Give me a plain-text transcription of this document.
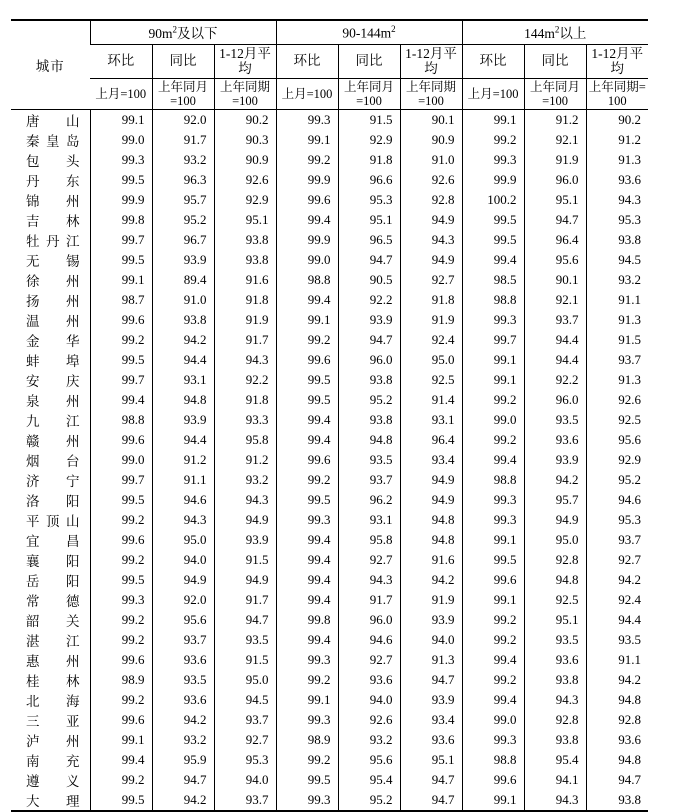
城市	$90m^2$及以下			$90-144m^2$			$144m^2$以上		
	环比	同比	1-12月平均	环比	同比	1-12月平均	环比	同比	1-12月平均
	上月=100	上年同月=100	上年同期=100	上月=100	上年同月=100	上年同期=100	上月=100	上年同月=100	上年同期=100

唐 山	99.1	92.0	90.2	99.3	91.5	90.1	99.1	91.2	90.2

秦 皇 岛	99.0	91.7	90.3	99.1	92.9	90.9	99.2	92.1	91.2

包 头	99.3	93.2	90.9	99.2	91.8	91.0	99.3	91.9	91.3

丹 东	99.5	96.3	92.6	99.9	96.6	92.6	99.9	96.0	93.6

锦 州	99.9	95.7	92.9	99.6	95.3	92.8	100.2	95.1	94.3

吉 林	99.8	95.2	95.1	99.4	95.1	94.9	99.5	94.7	95.3

牡 丹 江	99.7	96.7	93.8	99.9	96.5	94.3	99.5	96.4	93.8

无 锡	99.5	93.9	93.8	99.0	94.7	94.9	99.4	95.6	94.5

徐 州	99.1	89.4	91.6	98.8	90.5	92.7	98.5	90.1	93.2

扬 州	98.7	91.0	91.8	99.4	92.2	91.8	98.8	92.1	91.1

温 州	99.6	93.8	91.9	99.1	93.9	91.9	99.3	93.7	91.3

金 华	99.2	94.2	91.7	99.2	94.7	92.4	99.7	94.4	91.5

蚌 埠	99.5	94.4	94.3	99.6	96.0	95.0	99.1	94.4	93.7

安 庆	99.7	93.1	92.2	99.5	93.8	92.5	99.1	92.2	91.3

泉 州	99.4	94.8	91.8	99.5	95.2	91.4	99.2	96.0	92.6

九 江	98.8	93.9	93.3	99.4	93.8	93.1	99.0	93.5	92.5

赣 州	99.6	94.4	95.8	99.4	94.8	96.4	99.2	93.6	95.6

烟 台	99.0	91.2	91.2	99.6	93.5	93.4	99.4	93.9	92.9

济 宁	99.7	91.1	93.2	99.2	93.7	94.9	98.8	94.2	95.2

洛 阳	99.5	94.6	94.3	99.5	96.2	94.9	99.3	95.7	94.6

平 顶 山	99.2	94.3	94.9	99.3	93.1	94.8	99.3	94.9	95.3

宜 昌	99.6	95.0	93.9	99.4	95.8	94.8	99.1	95.0	93.7

襄 阳	99.2	94.0	91.5	99.4	92.7	91.6	99.5	92.8	92.7

岳 阳	99.5	94.9	94.9	99.4	94.3	94.2	99.6	94.8	94.2

常 德	99.3	92.0	91.7	99.4	91.7	91.9	99.1	92.5	92.4

韶 关	99.2	95.6	94.7	99.8	96.0	93.9	99.2	95.1	94.4

湛 江	99.2	93.7	93.5	99.4	94.6	94.0	99.2	93.5	93.5

惠 州	99.6	93.6	91.5	99.3	92.7	91.3	99.4	93.6	91.1

桂 林	98.9	93.5	95.0	99.2	93.6	94.7	99.2	93.8	94.2

北 海	99.2	93.6	94.5	99.1	94.0	93.9	99.4	94.3	94.8

三 亚	99.6	94.2	93.7	99.3	92.6	93.4	99.0	92.8	92.8

泸 州	99.1	93.2	92.7	98.9	93.2	93.6	99.3	93.8	93.6

南 充	99.4	95.9	95.3	99.2	95.6	95.1	98.8	95.4	94.8

遵 义	99.2	94.7	94.0	99.5	95.4	94.7	99.6	94.1	94.7

大 理	99.5	94.2	93.7	99.3	95.2	94.7	99.1	94.3	93.8
